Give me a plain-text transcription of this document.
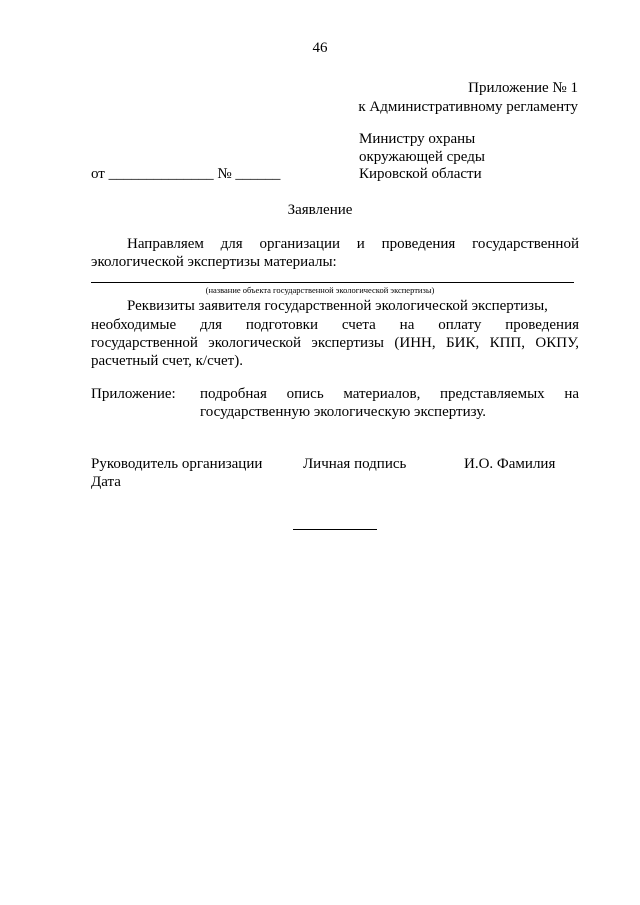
46
Приложение № 1
к Административному регламенту
Министру охраны
окружающей среды
Кировской области
от ______________ № ______
Заявление
Направляем для организации и проведения государственной
экологической экспертизы материалы:
(название объекта государственной экологической экспертизы)
Реквизиты заявителя государственной экологической экспертизы,
необходимые для подготовки счета на оплату проведения
государственной экологической экспертизы (ИНН, БИК, КПП, ОКПУ,
расчетный счет, к/счет).
Приложение: подробная опись материалов, представляемых на
государственную экологическую экспертизу.
Руководитель организации	Личная подпись	И.О. Фамилия
Дата
